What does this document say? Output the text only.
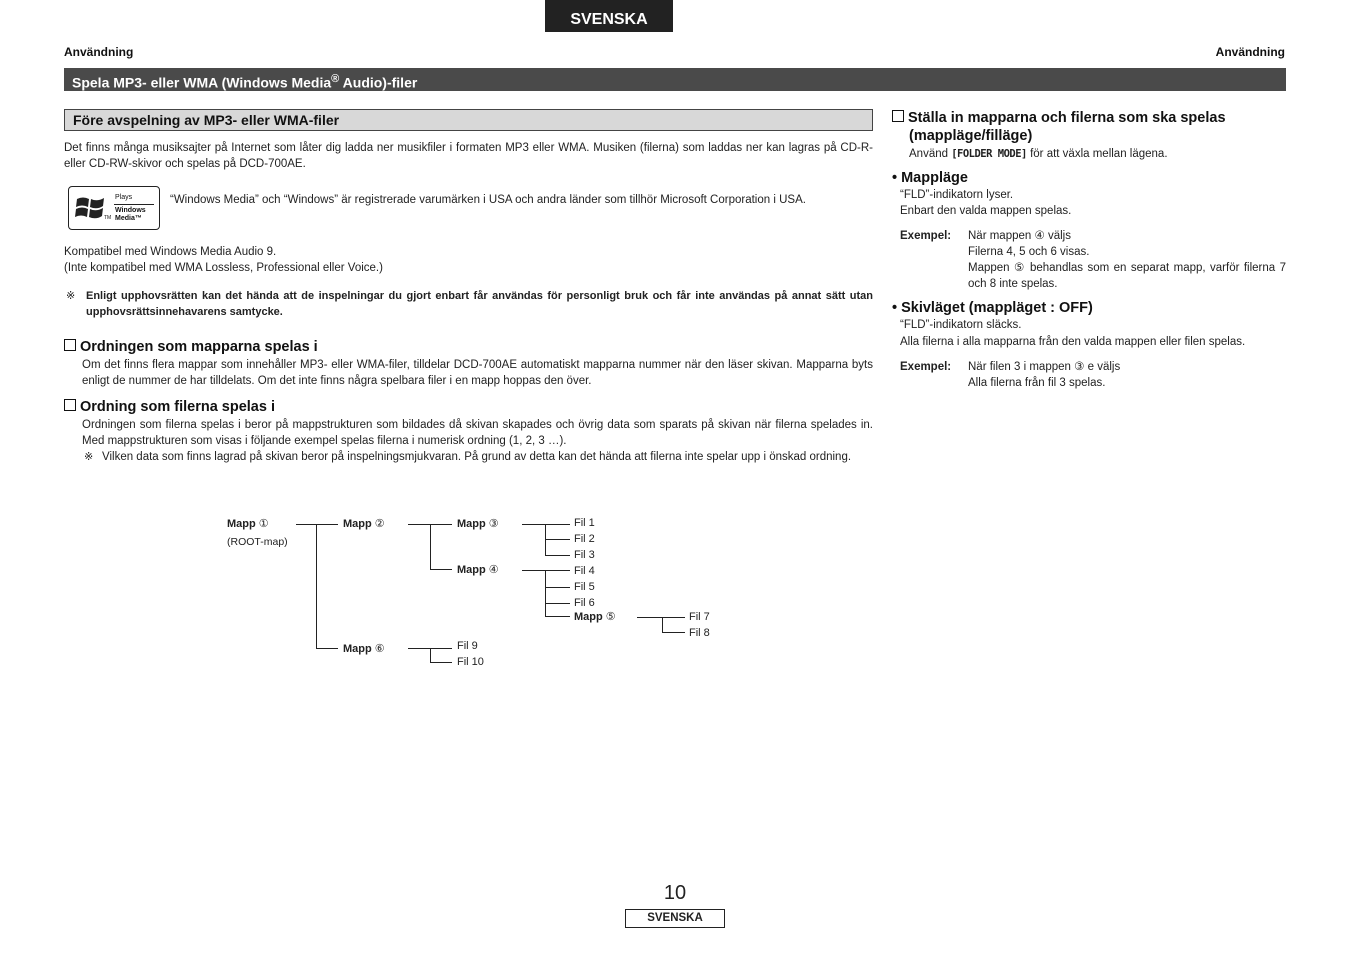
SVENSKA
Användning	Användning
Spela MP3- eller WMA (Windows Media® Audio)-filer
Före avspelning av MP3- eller WMA-filer

Det finns många musiksajter på Internet som låter dig ladda ner musikfiler i formaten MP3 eller WMA. Musiken (filerna) som laddas ner kan lagras på CD-R- eller CD-RW-skivor och spelas på DCD-700AE.

TM
Plays
Windows
Media™

“Windows Media” och “Windows” är registrerade varumärken i USA och andra länder som tillhör Microsoft Corporation i USA.

Kompatibel med Windows Media Audio 9.

(Inte kompatibel med WMA Lossless, Professional eller Voice.)

※ Enligt upphovsrätten kan det hända att de inspelningar du gjort enbart får användas för personligt bruk och får inte användas på annat sätt utan upphovsrättsinnehavarens samtycke.

Ordningen som mapparna spelas i

Om det finns flera mappar som innehåller MP3- eller WMA-filer, tilldelar DCD-700AE automatiskt mapparna nummer när den läser skivan. Mapparna byts enligt de nummer de har tilldelats. Om det inte finns några spelbara filer i en mapp hoppas den över.

Ordning som filerna spelas i

Ordningen som filerna spelas i beror på mappstrukturen som bildades då skivan skapades och övrig data som sparats på skivan när filerna spelades in. Med mappstrukturen som visas i följande exempel spelas filerna i numerisk ordning (1, 2, 3 …).

※ Vilken data som finns lagrad på skivan beror på inspelningsmjukvaran. På grund av detta kan det hända att filerna inte spelar upp i önskad ordning.

Mapp ①
(ROOT-map)
Mapp ②	Mapp ③
Mapp ④
Mapp ⑤
Mapp ⑥
Fil 1
Fil 2
Fil 3
Fil 4
Fil 5
Fil 6
Fil 7
Fil 8
Fil 9
Fil 10
Ställa in mapparna och filerna som ska spelas
(mappläge/filläge)

Använd [FOLDER MODE] för att växla mellan lägena.

• Mappläge

“FLD”-indikatorn lyser.

Enbart den valda mappen spelas.

Exempel: När mappen ④ väljs

Filerna 4, 5 och 6 visas.

Mappen ⑤ behandlas som en separat mapp, varför filerna 7 och 8 inte spelas.

• Skivläget (mappläget : OFF)

“FLD”-indikatorn släcks.

Alla filerna i alla mapparna från den valda mappen eller filen spelas.

Exempel: När filen 3 i mappen ③ e väljs

Alla filerna från fil 3 spelas.

10
SVENSKA
